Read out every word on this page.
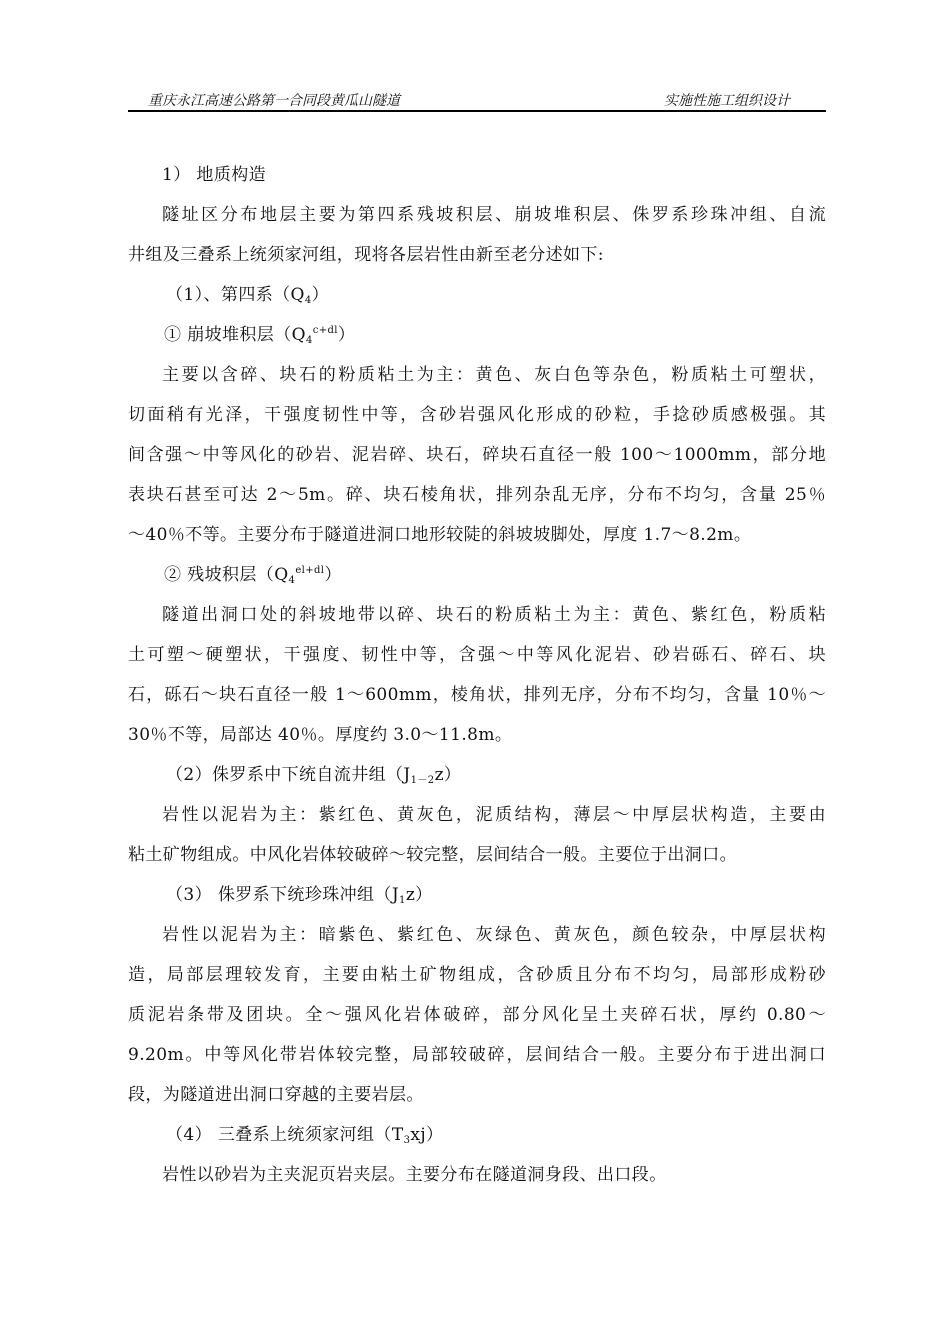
重庆永江高速公路第一合同段黄瓜山隧道	实施性施工组织设计
1） 地质构造
隧址区分布地层主要为第四系残坡积层、崩坡堆积层、侏罗系珍珠冲组、自流
井组及三叠系上统须家河组，现将各层岩性由新至老分述如下:
（1）、第四系$(Q_4)$
① 崩坡堆积层$(Q_4^{c+dl})$
主要以含碎、块石的粉质粘土为主：黄色、灰白色等杂色，粉质粘土可塑状，
切面稍有光泽，干强度韧性中等，含砂岩强风化形成的砂粒，手捻砂质感极强。其
间含强～中等风化的砂岩、泥岩碎、块石，碎块石直径一般 100～1000mm，部分地
表块石甚至可达 2～5m。碎、块石棱角状，排列杂乱无序，分布不均匀，含量 25％
～40％不等。主要分布于隧道进洞口地形较陡的斜坡坡脚处，厚度 1.7～8.2m。
② 残坡积层$(Q_4^{el+dl})$
隧道出洞口处的斜坡地带以碎、块石的粉质粘土为主：黄色、紫红色，粉质粘
土可塑～硬塑状，干强度、韧性中等，含强～中等风化泥岩、砂岩砾石、碎石、块
石，砾石～块石直径一般 1～600mm，棱角状，排列无序，分布不均匀，含量 10％～
30％不等，局部达 40％。厚度约 3.0～11.8m。
（2）侏罗系中下统自流井组$(J_{1-2}z)$
岩性以泥岩为主：紫红色、黄灰色，泥质结构，薄层～中厚层状构造，主要由
粘土矿物组成。中风化岩体较破碎～较完整，层间结合一般。主要位于出洞口。
（3） 侏罗系下统珍珠冲组$(J_1z)$
岩性以泥岩为主：暗紫色、紫红色、灰绿色、黄灰色，颜色较杂，中厚层状构
造，局部层理较发育，主要由粘土矿物组成，含砂质且分布不均匀，局部形成粉砂
质泥岩条带及团块。全～强风化岩体破碎，部分风化呈土夹碎石状，厚约 0.80～
9.20m。中等风化带岩体较完整，局部较破碎，层间结合一般。主要分布于进出洞口
段，为隧道进出洞口穿越的主要岩层。
（4） 三叠系上统须家河组$(T_3xj)$
岩性以砂岩为主夹泥页岩夹层。主要分布在隧道洞身段、出口段。
